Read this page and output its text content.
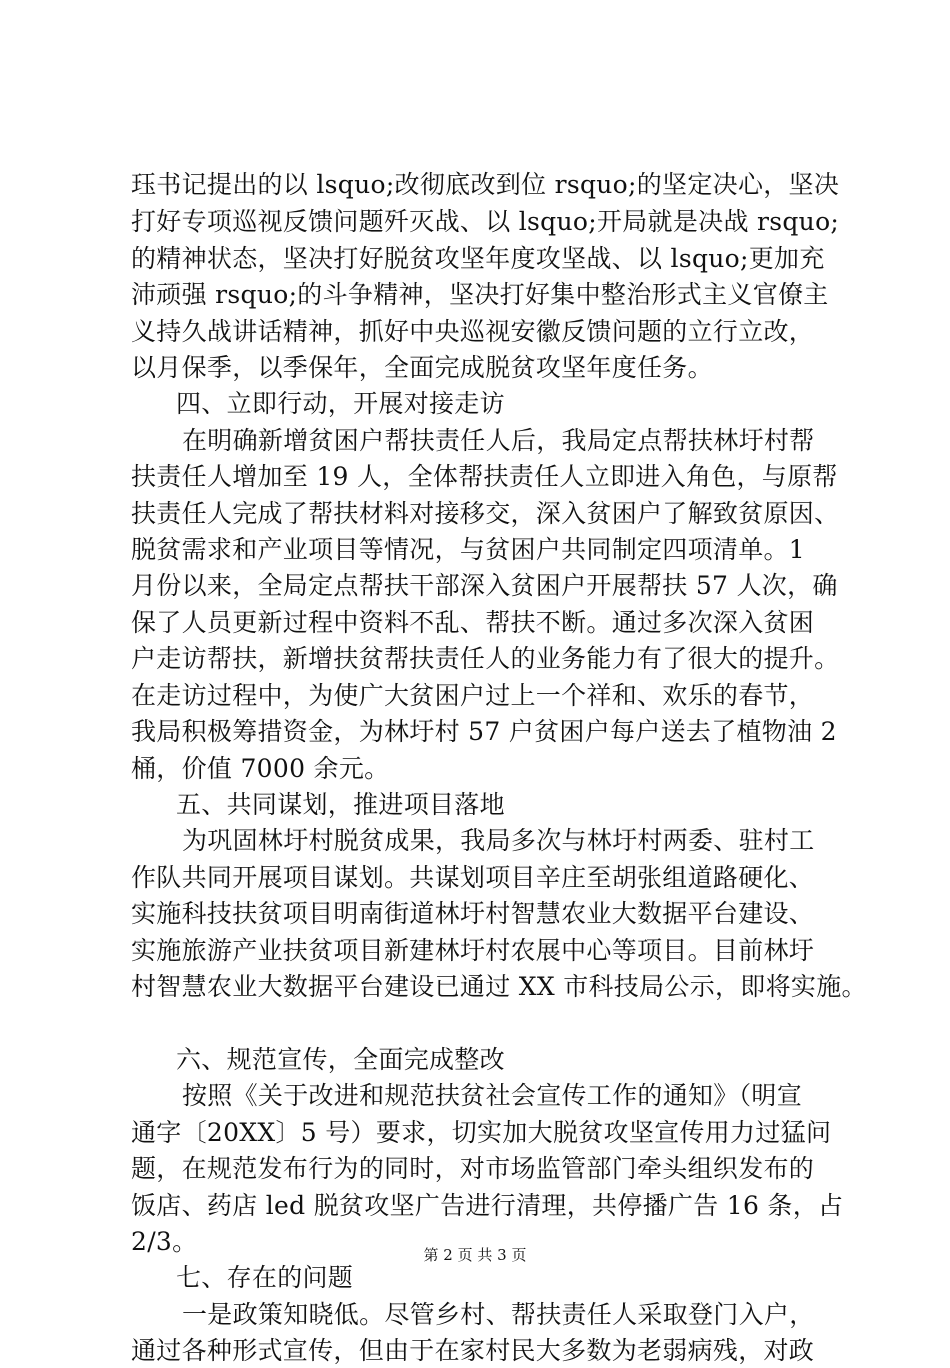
珏书记提出的以 lsquo;改彻底改到位 rsquo;的坚定决心，坚决
打好专项巡视反馈问题歼灭战、以 lsquo;开局就是决战 rsquo;
的精神状态，坚决打好脱贫攻坚年度攻坚战、以 lsquo;更加充
沛顽强 rsquo;的斗争精神，坚决打好集中整治形式主义官僚主
义持久战讲话精神，抓好中央巡视安徽反馈问题的立行立改，
以月保季，以季保年，全面完成脱贫攻坚年度任务。
四、立即行动，开展对接走访
在明确新增贫困户帮扶责任人后，我局定点帮扶林圩村帮
扶责任人增加至 19 人，全体帮扶责任人立即进入角色，与原帮
扶责任人完成了帮扶材料对接移交，深入贫困户了解致贫原因、
脱贫需求和产业项目等情况，与贫困户共同制定四项清单。1
月份以来，全局定点帮扶干部深入贫困户开展帮扶 57 人次，确
保了人员更新过程中资料不乱、帮扶不断。通过多次深入贫困
户走访帮扶，新增扶贫帮扶责任人的业务能力有了很大的提升。
在走访过程中，为使广大贫困户过上一个祥和、欢乐的春节，
我局积极筹措资金，为林圩村 57 户贫困户每户送去了植物油 2
桶，价值 7000 余元。
五、共同谋划，推进项目落地
为巩固林圩村脱贫成果，我局多次与林圩村两委、驻村工
作队共同开展项目谋划。共谋划项目辛庄至胡张组道路硬化、
实施科技扶贫项目明南街道林圩村智慧农业大数据平台建设、
实施旅游产业扶贫项目新建林圩村农展中心等项目。目前林圩
村智慧农业大数据平台建设已通过 XX 市科技局公示，即将实施。
六、规范宣传，全面完成整改
按照《关于改进和规范扶贫社会宣传工作的通知》（明宣
通字〔20XX〕5 号）要求，切实加大脱贫攻坚宣传用力过猛问
题，在规范发布行为的同时，对市场监管部门牵头组织发布的
饭店、药店 led 脱贫攻坚广告进行清理，共停播广告 16 条，占
2/3。
七、存在的问题
一是政策知晓低。尽管乡村、帮扶责任人采取登门入户，
通过各种形式宣传，但由于在家村民大多数为老弱病残，对政
第 2 页 共 3 页
